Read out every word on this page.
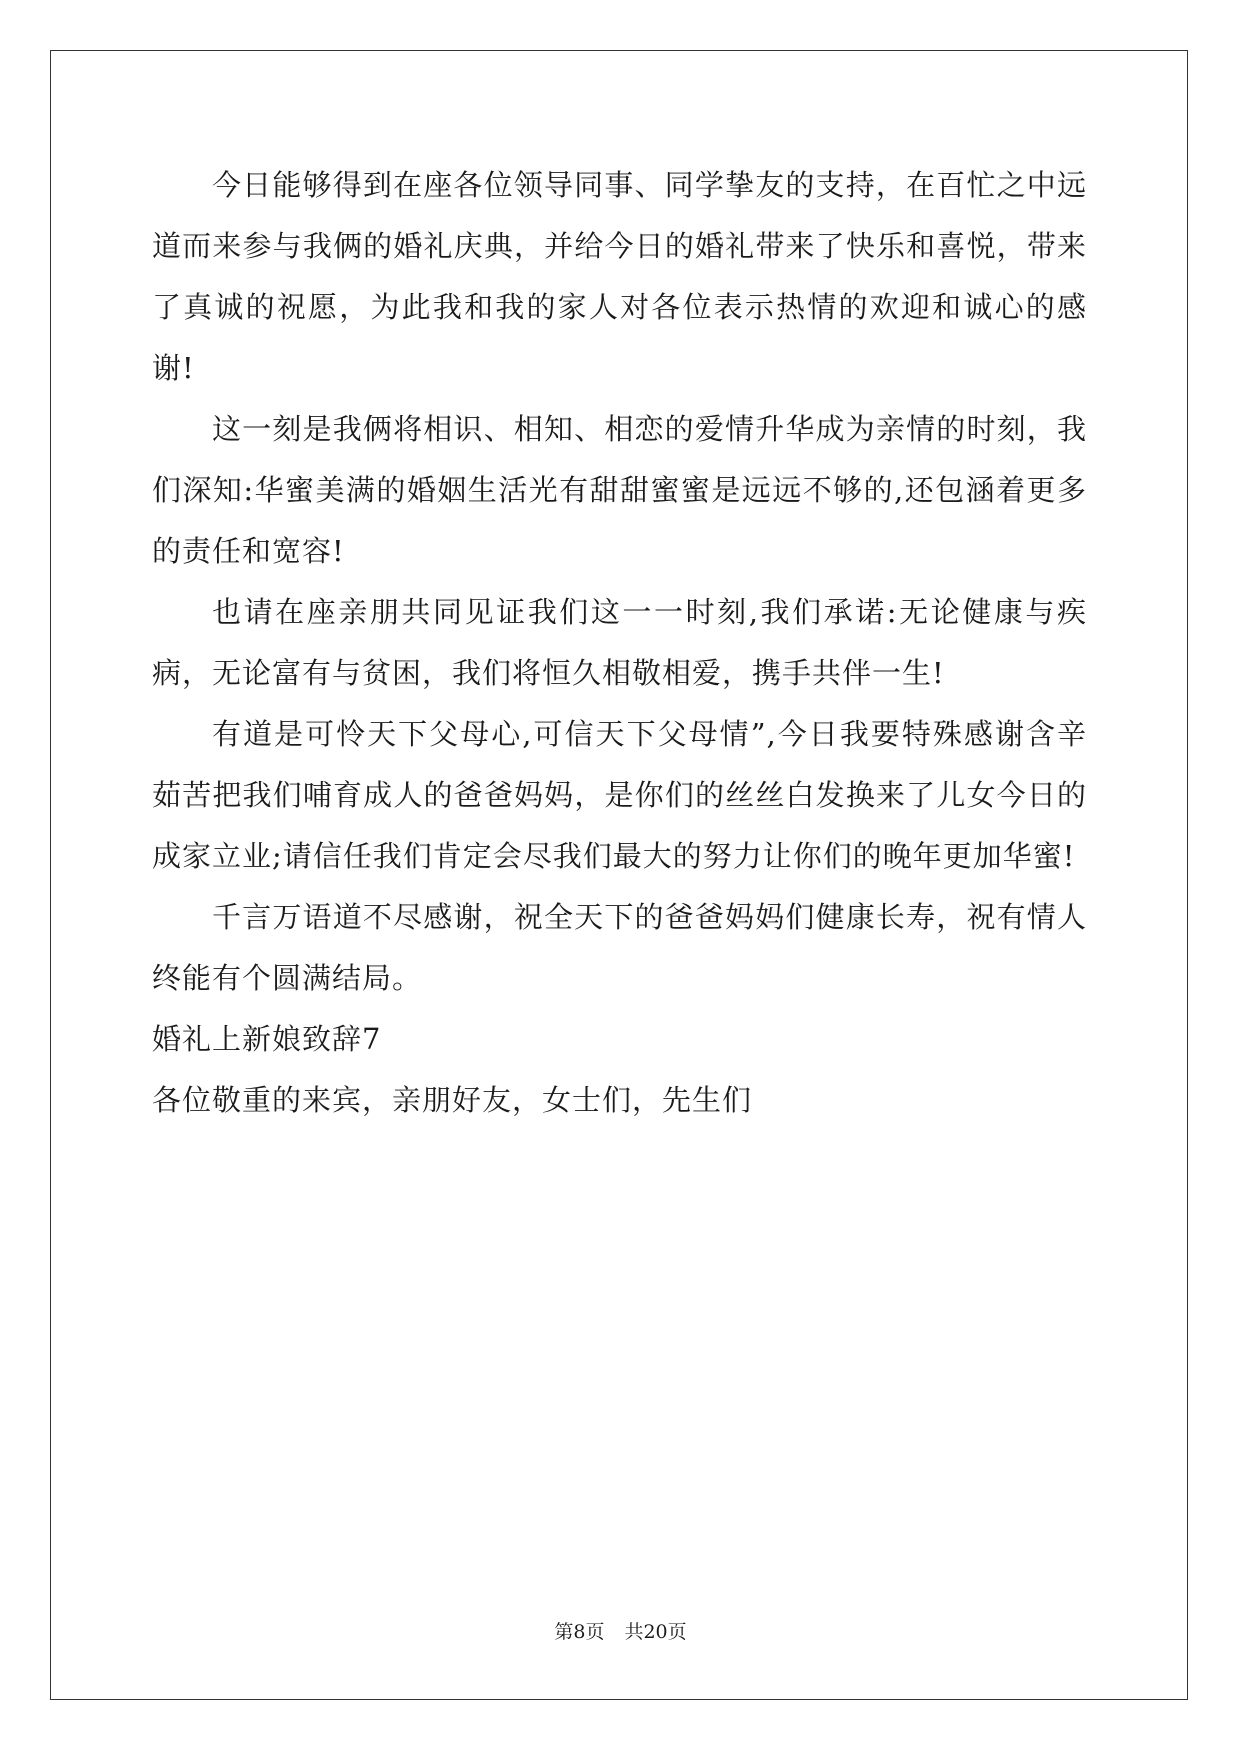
今日能够得到在座各位领导同事、同学挚友的支持，在百忙之中远道而来参与我俩的婚礼庆典，并给今日的婚礼带来了快乐和喜悦，带来了真诚的祝愿，为此我和我的家人对各位表示热情的欢迎和诚心的感谢!

这一刻是我俩将相识、相知、相恋的爱情升华成为亲情的时刻，我们深知:华蜜美满的婚姻生活光有甜甜蜜蜜是远远不够的,还包涵着更多的责任和宽容!

也请在座亲朋共同见证我们这一一时刻,我们承诺:无论健康与疾病，无论富有与贫困，我们将恒久相敬相爱，携手共伴一生!

有道是可怜天下父母心,可信天下父母情”,今日我要特殊感谢含辛茹苦把我们哺育成人的爸爸妈妈，是你们的丝丝白发换来了儿女今日的成家立业;请信任我们肯定会尽我们最大的努力让你们的晚年更加华蜜!

千言万语道不尽感谢，祝全天下的爸爸妈妈们健康长寿，祝有情人终能有个圆满结局。

婚礼上新娘致辞7

各位敬重的来宾，亲朋好友，女士们，先生们

第8页 共20页
